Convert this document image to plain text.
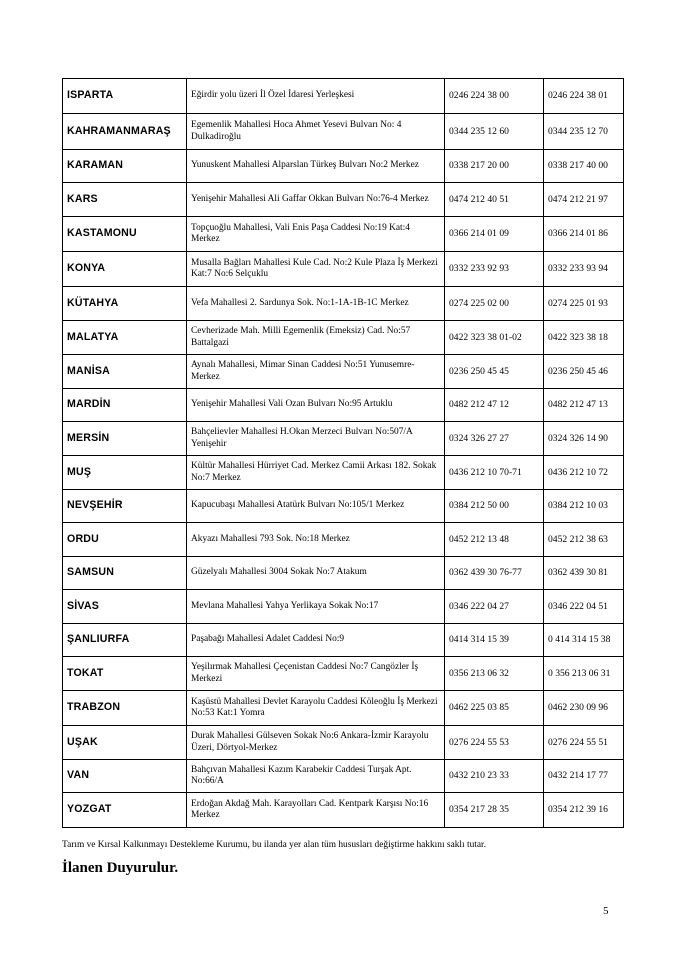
ISPARTA	Eğirdir yolu üzeri İl Özel İdaresi Yerleşkesi	0246 224 38 00	0246 224 38 01
KAHRAMANMARAŞ	Egemenlik Mahallesi Hoca Ahmet Yesevi Bulvarı No: 4 Dulkadiroğlu	0344 235 12 60	0344 235 12 70
KARAMAN	Yunuskent Mahallesi Alparslan Türkeş Bulvarı No:2 Merkez	0338 217 20 00	0338 217 40 00
KARS	Yenişehir Mahallesi Ali Gaffar Okkan Bulvarı No:76-4 Merkez	0474 212 40 51	0474 212 21 97
KASTAMONU	Topçuoğlu Mahallesi, Vali Enis Paşa Caddesi No:19 Kat:4 Merkez	0366 214 01 09	0366 214 01 86
KONYA	Musalla Bağları Mahallesi Kule Cad. No:2 Kule Plaza İş Merkezi Kat:7 No:6 Selçuklu	0332 233 92 93	0332 233 93 94
KÜTAHYA	Vefa Mahallesi 2. Sardunya Sok. No:1-1A-1B-1C Merkez	0274 225 02 00	0274 225 01 93
MALATYA	Cevherizade Mah. Milli Egemenlik (Emeksiz) Cad. No:57 Battalgazi	0422 323 38 01-02	0422 323 38 18
MANİSA	Aynalı Mahallesi, Mimar Sinan Caddesi No:51 Yunusemre-Merkez	0236 250 45 45	0236 250 45 46
MARDİN	Yenişehir Mahallesi Vali Ozan Bulvarı No:95 Artuklu	0482 212 47 12	0482 212 47 13
MERSİN	Bahçelievler Mahallesi H.Okan Merzeci Bulvarı No:507/A Yenişehir	0324 326 27 27	0324 326 14 90
MUŞ	Kültür Mahallesi Hürriyet Cad. Merkez Camii Arkası 182. Sokak No:7 Merkez	0436 212 10 70-71	0436 212 10 72
NEVŞEHİR	Kapucubaşı Mahallesi Atatürk Bulvarı No:105/1 Merkez	0384 212 50 00	0384 212 10 03
ORDU	Akyazı Mahallesi 793 Sok. No:18 Merkez	0452 212 13 48	0452 212 38 63
SAMSUN	Güzelyalı Mahallesi 3004 Sokak No:7 Atakum	0362 439 30 76-77	0362 439 30 81
SİVAS	Mevlana Mahallesi Yahya Yerlikaya Sokak No:17	0346 222 04 27	0346 222 04 51
ŞANLIURFA	Paşabağı Mahallesi Adalet Caddesi No:9	0414 314 15 39	0 414 314 15 38
TOKAT	Yeşilırmak Mahallesi Çeçenistan Caddesi No:7 Cangözler İş Merkezi	0356 213 06 32	0 356 213 06 31
TRABZON	Kaşüstü Mahallesi Devlet Karayolu Caddesi Köleoğlu İş Merkezi No:53 Kat:1 Yomra	0462 225 03 85	0462 230 09 96
UŞAK	Durak Mahallesi Gülseven Sokak No:6 Ankara-İzmir Karayolu Üzeri, Dörtyol-Merkez	0276 224 55 53	0276 224 55 51
VAN	Bahçıvan Mahallesi Kazım Karabekir Caddesi Turşak Apt. No:66/A	0432 210 23 33	0432 214 17 77
YOZGAT	Erdoğan Akdağ Mah. Karayolları Cad. Kentpark Karşısı No:16 Merkez	0354 217 28 35	0354 212 39 16
Tarım ve Kırsal Kalkınmayı Destekleme Kurumu, bu ilanda yer alan tüm hususları değiştirme hakkını saklı tutar.
İlanen Duyurulur.
5
